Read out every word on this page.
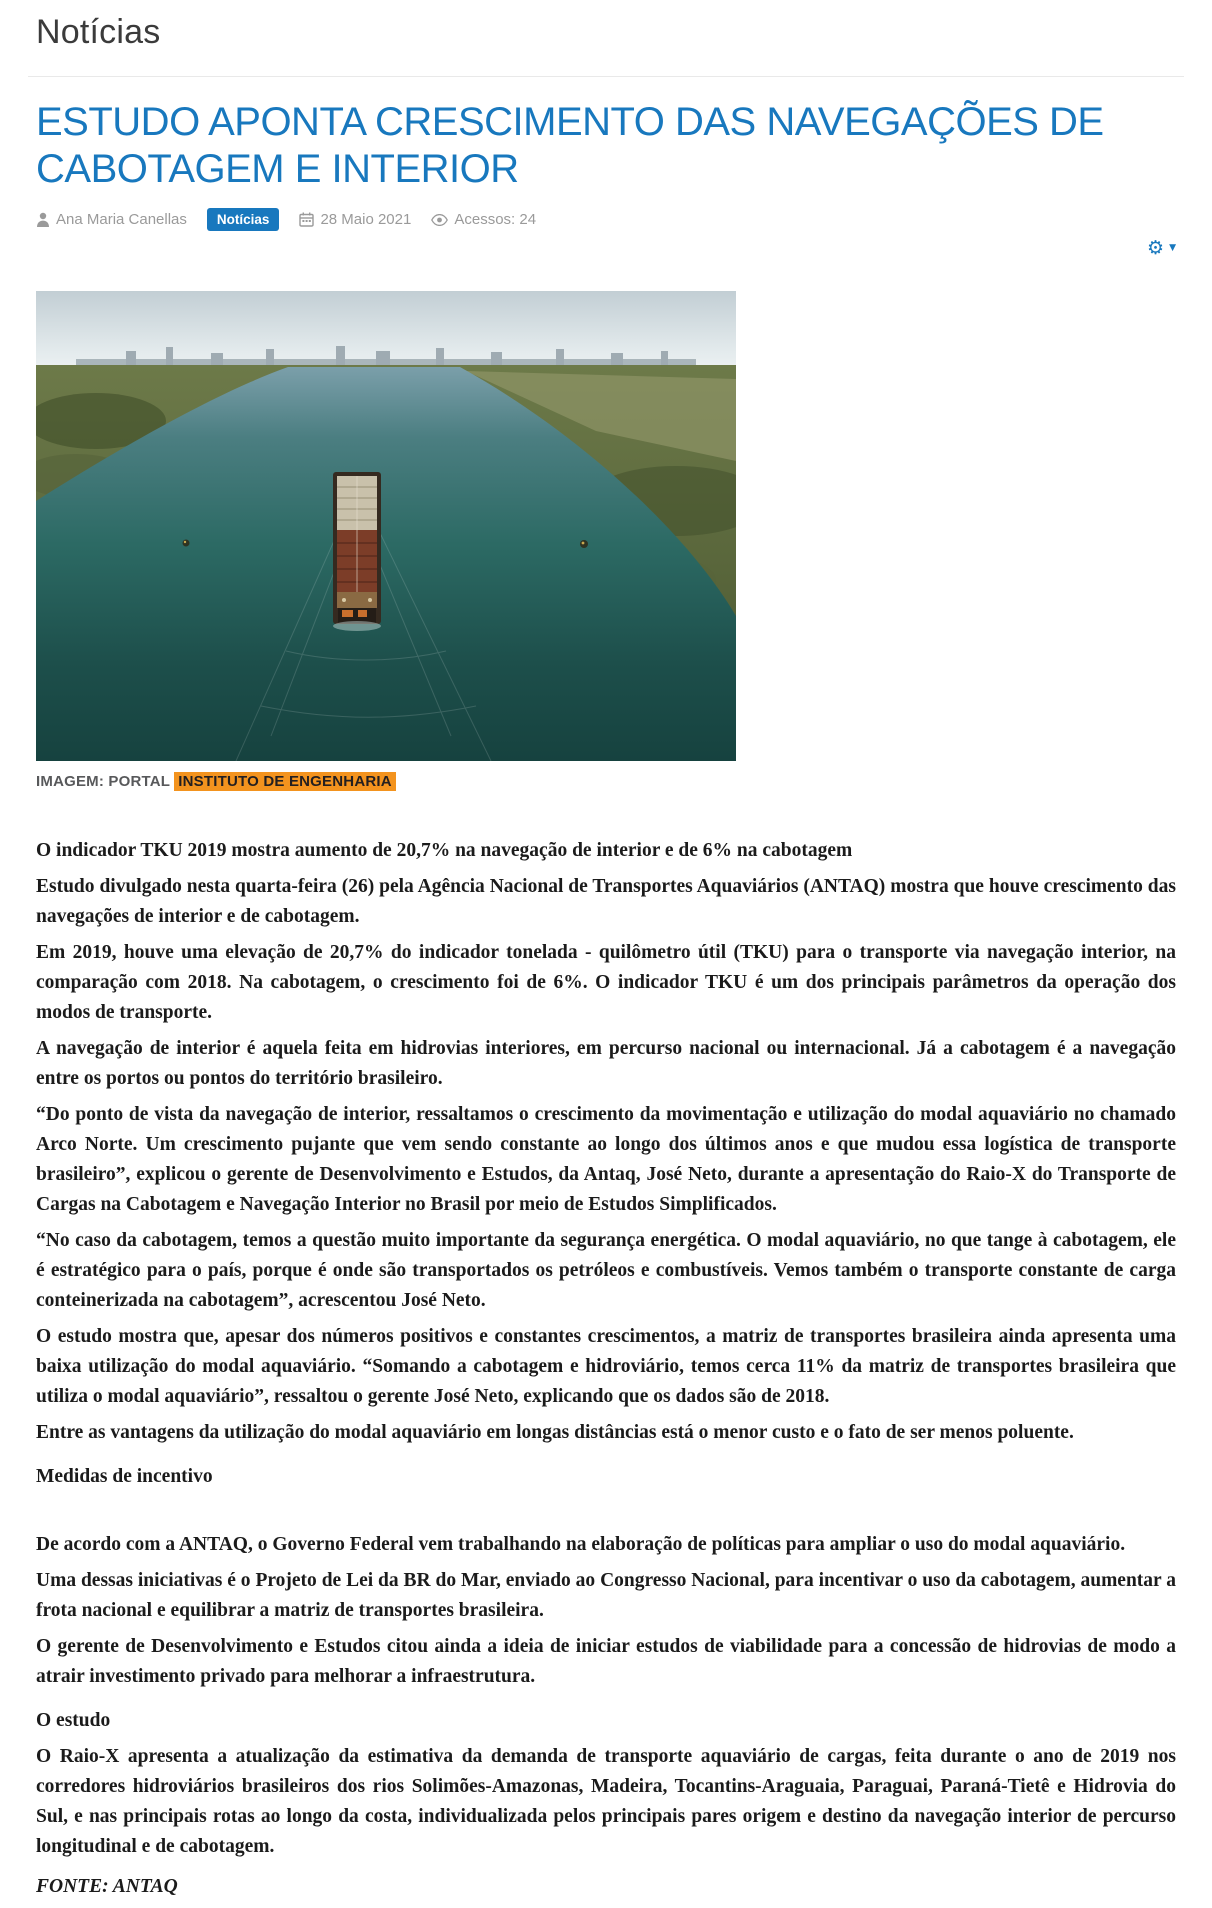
Notícias
ESTUDO APONTA CRESCIMENTO DAS NAVEGAÇÕES DE CABOTAGEM E INTERIOR
Ana Maria Canellas	Notícias	28 Maio 2021	Acessos: 24
⚙ ▼
IMAGEM: PORTAL INSTITUTO DE ENGENHARIA

O indicador TKU 2019 mostra aumento de 20,7% na navegação de interior e de 6% na cabotagem

Estudo divulgado nesta quarta-feira (26) pela Agência Nacional de Transportes Aquaviários (ANTAQ) mostra que houve crescimento das navegações de interior e de cabotagem.

Em 2019, houve uma elevação de 20,7% do indicador tonelada - quilômetro útil (TKU) para o transporte via navegação interior, na comparação com 2018. Na cabotagem, o crescimento foi de 6%. O indicador TKU é um dos principais parâmetros da operação dos modos de transporte.

A navegação de interior é aquela feita em hidrovias interiores, em percurso nacional ou internacional. Já a cabotagem é a navegação entre os portos ou pontos do território brasileiro.

“Do ponto de vista da navegação de interior, ressaltamos o crescimento da movimentação e utilização do modal aquaviário no chamado Arco Norte. Um crescimento pujante que vem sendo constante ao longo dos últimos anos e que mudou essa logística de transporte brasileiro”, explicou o gerente de Desenvolvimento e Estudos, da Antaq, José Neto, durante a apresentação do Raio-X do Transporte de Cargas na Cabotagem e Navegação Interior no Brasil por meio de Estudos Simplificados.

“No caso da cabotagem, temos a questão muito importante da segurança energética. O modal aquaviário, no que tange à cabotagem, ele é estratégico para o país, porque é onde são transportados os petróleos e combustíveis. Vemos também o transporte constante de carga conteinerizada na cabotagem”, acrescentou José Neto.

O estudo mostra que, apesar dos números positivos e constantes crescimentos, a matriz de transportes brasileira ainda apresenta uma baixa utilização do modal aquaviário. “Somando a cabotagem e hidroviário, temos cerca 11% da matriz de transportes brasileira que utiliza o modal aquaviário”, ressaltou o gerente José Neto, explicando que os dados são de 2018.

Entre as vantagens da utilização do modal aquaviário em longas distâncias está o menor custo e o fato de ser menos poluente.

Medidas de incentivo

De acordo com a ANTAQ, o Governo Federal vem trabalhando na elaboração de políticas para ampliar o uso do modal aquaviário.

Uma dessas iniciativas é o Projeto de Lei da BR do Mar, enviado ao Congresso Nacional, para incentivar o uso da cabotagem, aumentar a frota nacional e equilibrar a matriz de transportes brasileira.

O gerente de Desenvolvimento e Estudos citou ainda a ideia de iniciar estudos de viabilidade para a concessão de hidrovias de modo a atrair investimento privado para melhorar a infraestrutura.

O estudo

O Raio-X apresenta a atualização da estimativa da demanda de transporte aquaviário de cargas, feita durante o ano de 2019 nos corredores hidroviários brasileiros dos rios Solimões-Amazonas, Madeira, Tocantins-Araguaia, Paraguai, Paraná-Tietê e Hidrovia do Sul, e nas principais rotas ao longo da costa, individualizada pelos principais pares origem e destino da navegação interior de percurso longitudinal e de cabotagem.

FONTE: ANTAQ
